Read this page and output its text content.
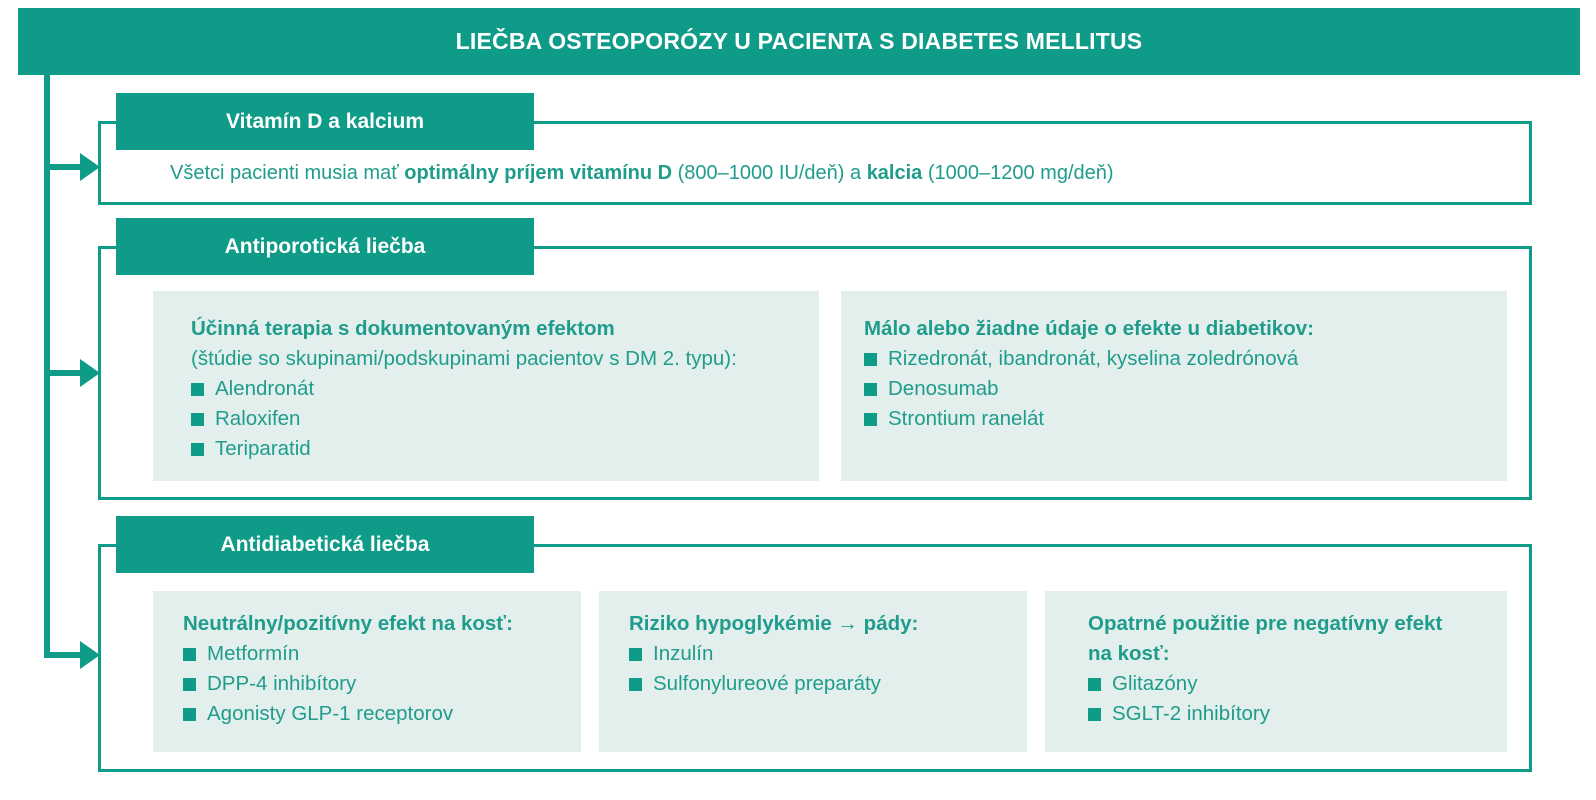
LIEČBA OSTEOPORÓZY U PACIENTA S DIABETES MELLITUS
Vitamín D a kalcium
Všetci pacienti musia mať optimálny príjem vitamínu D (800–1000 IU/deň) a kalcia (1000–1200 mg/deň)
Antiporotická liečba
Účinná terapia s dokumentovaným efektom
(štúdie so skupinami/podskupinami pacientov s DM 2. typu):
Alendronát
Raloxifen
Teriparatid
Málo alebo žiadne údaje o efekte u diabetikov:
Rizedronát, ibandronát, kyselina zoledrónová
Denosumab
Strontium ranelát
Antidiabetická liečba
Neutrálny/pozitívny efekt na kosť:
Metformín
DPP-4 inhibítory
Agonisty GLP-1 receptorov
Riziko hypoglykémie → pády:
Inzulín
Sulfonylureové preparáty
Opatrné použitie pre negatívny efekt
na kosť:
Glitazóny
SGLT-2 inhibítory
